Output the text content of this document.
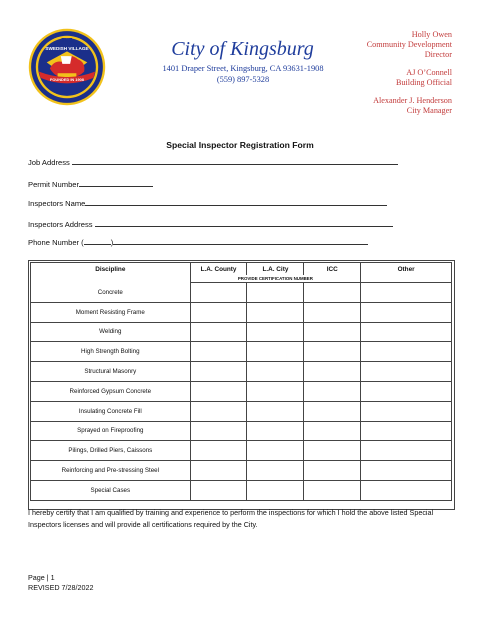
THE
SWEDISH VILLAGE
FOUNDED IN 1908
City of Kingsburg
1401 Draper Street, Kingsburg, CA 93631-1908
(559) 897-5328
Holly Owen
Community Development
Director
AJ O’Connell
Building Official
Alexander J. Henderson
City Manager
Special Inspector Registration Form
Job Address
Permit Number
Inspectors Name
Inspectors Address
Phone Number (	)
Discipline	L.A. County	L.A. City	ICC	Other
	PROVIDE CERTIFICATION NUMBER			
Concrete				
Moment Resisting Frame				
Welding				
High Strength Bolting				
Structural Masonry				
Reinforced Gypsum Concrete				
Insulating Concrete Fill				
Sprayed on Fireproofing				
Pilings, Drilled Piers, Caissons				
Reinforcing and Pre-stressing Steel				
Special Cases				
I hereby certify that I am qualified by training and experience to perform the inspections for which I hold the above listed Special Inspectors licenses and will provide all certifications required by the City.
Page | 1
REVISED 7/28/2022
